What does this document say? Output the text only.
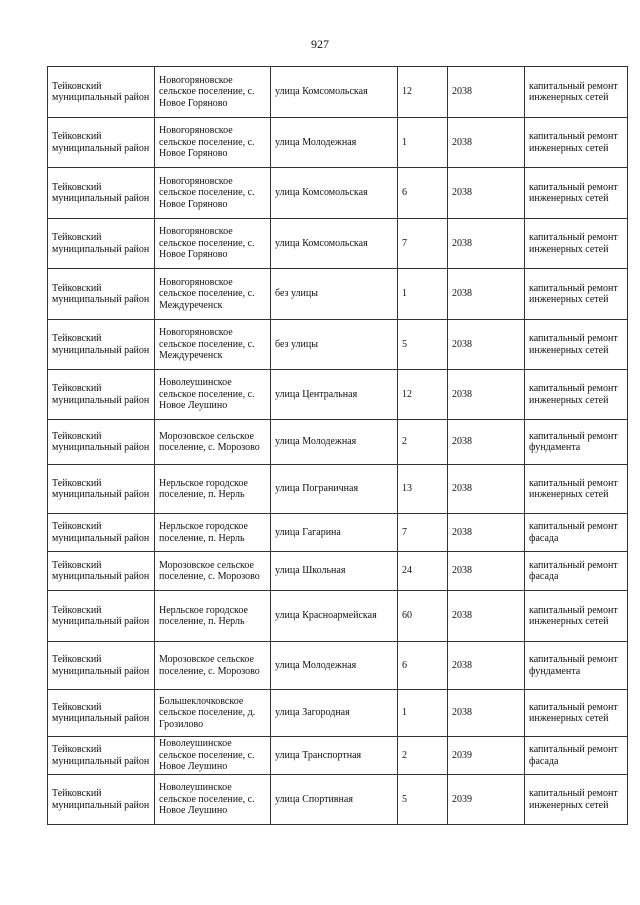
927
Тейковский муниципальный район	Новогоряновское сельское поселение, с. Новое Горяново	улица Комсомольская	12	2038	капитальный ремонт инженерных сетей
Тейковский муниципальный район	Новогоряновское сельское поселение, с. Новое Горяново	улица Молодежная	1	2038	капитальный ремонт инженерных сетей
Тейковский муниципальный район	Новогоряновское сельское поселение, с. Новое Горяново	улица Комсомольская	6	2038	капитальный ремонт инженерных сетей
Тейковский муниципальный район	Новогоряновское сельское поселение, с. Новое Горяново	улица Комсомольская	7	2038	капитальный ремонт инженерных сетей
Тейковский муниципальный район	Новогоряновское сельское поселение, с. Междуреченск	без улицы	1	2038	капитальный ремонт инженерных сетей
Тейковский муниципальный район	Новогоряновское сельское поселение, с. Междуреченск	без улицы	5	2038	капитальный ремонт инженерных сетей
Тейковский муниципальный район	Новолеушинское сельское поселение, с. Новое Леушино	улица Центральная	12	2038	капитальный ремонт инженерных сетей
Тейковский муниципальный район	Морозовское сельское поселение, с. Морозово	улица Молодежная	2	2038	капитальный ремонт фундамента
Тейковский муниципальный район	Нерльское городское поселение, п. Нерль	улица Пограничная	13	2038	капитальный ремонт инженерных сетей
Тейковский муниципальный район	Нерльское городское поселение, п. Нерль	улица Гагарина	7	2038	капитальный ремонт фасада
Тейковский муниципальный район	Морозовское сельское поселение, с. Морозово	улица Школьная	24	2038	капитальный ремонт фасада
Тейковский муниципальный район	Нерльское городское поселение, п. Нерль	улица Красноармейская	60	2038	капитальный ремонт инженерных сетей
Тейковский муниципальный район	Морозовское сельское поселение, с. Морозово	улица Молодежная	6	2038	капитальный ремонт фундамента
Тейковский муниципальный район	Большеклочковское сельское поселение, д. Грозилово	улица Загородная	1	2038	капитальный ремонт инженерных сетей
Тейковский муниципальный район	Новолеушинское сельское поселение, с. Новое Леушино	улица Транспортная	2	2039	капитальный ремонт фасада
Тейковский муниципальный район	Новолеушинское сельское поселение, с. Новое Леушино	улица Спортивная	5	2039	капитальный ремонт инженерных сетей
